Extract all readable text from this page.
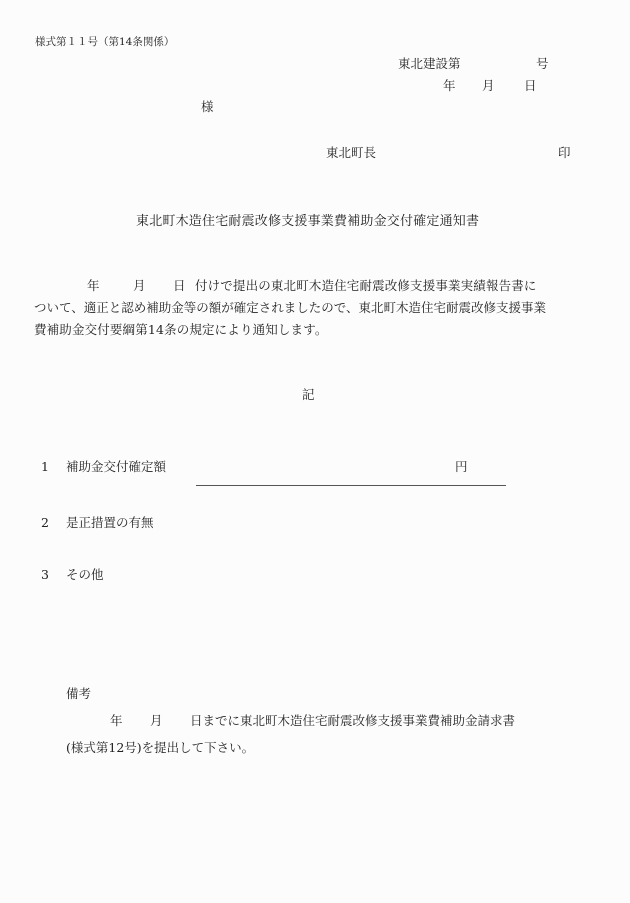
様式第１１号（第14条関係）
東北建設第	号
年 月 日
様
東北町長	印
東北町木造住宅耐震改修支援事業費補助金交付確定通知書
年	月 日 付けで提出の東北町木造住宅耐震改修支援事業実績報告書に
ついて、適正と認め補助金等の額が確定されましたので、東北町木造住宅耐震改修支援事業
費補助金交付要綱第14条の規定により通知します。
記
1 補助金交付確定額	円
2 是正措置の有無
3 その他
備考
年 月 日までに東北町木造住宅耐震改修支援事業費補助金請求書
(様式第12号)を提出して下さい。
